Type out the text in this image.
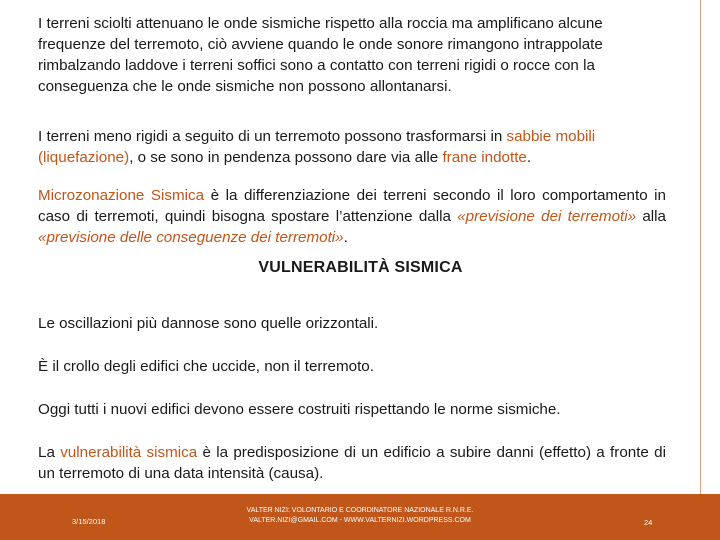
I terreni sciolti attenuano le onde sismiche rispetto alla roccia ma amplificano alcune frequenze del terremoto, ciò avviene quando le onde sonore rimangono intrappolate rimbalzando laddove i terreni soffici sono a contatto con terreni rigidi o rocce con la conseguenza che le onde sismiche non possono allontanarsi.

I terreni meno rigidi a seguito di un terremoto possono trasformarsi in sabbie mobili (liquefazione), o se sono in pendenza possono dare via alle frane indotte.

Microzonazione Sismica è la differenziazione dei terreni secondo il loro comportamento in caso di terremoti, quindi bisogna spostare l’attenzione dalla «previsione dei terremoti» alla «previsione delle conseguenze dei terremoti».

VULNERABILITÀ SISMICA

Le oscillazioni più dannose sono quelle orizzontali.

È il crollo degli edifici che uccide, non il terremoto.

Oggi tutti i nuovi edifici devono essere costruiti rispettando le norme sismiche.

La vulnerabilità sismica è la predisposizione di un edificio a subire danni (effetto) a fronte di un terremoto di una data intensità (causa).

3/15/2018
VALTER NIZI: VOLONTARIO E COORDINATORE NAZIONALE R.N.R.E.
VALTER.NIZI@GMAIL.COM - WWW.VALTERNIZI.WORDPRESS.COM	24
